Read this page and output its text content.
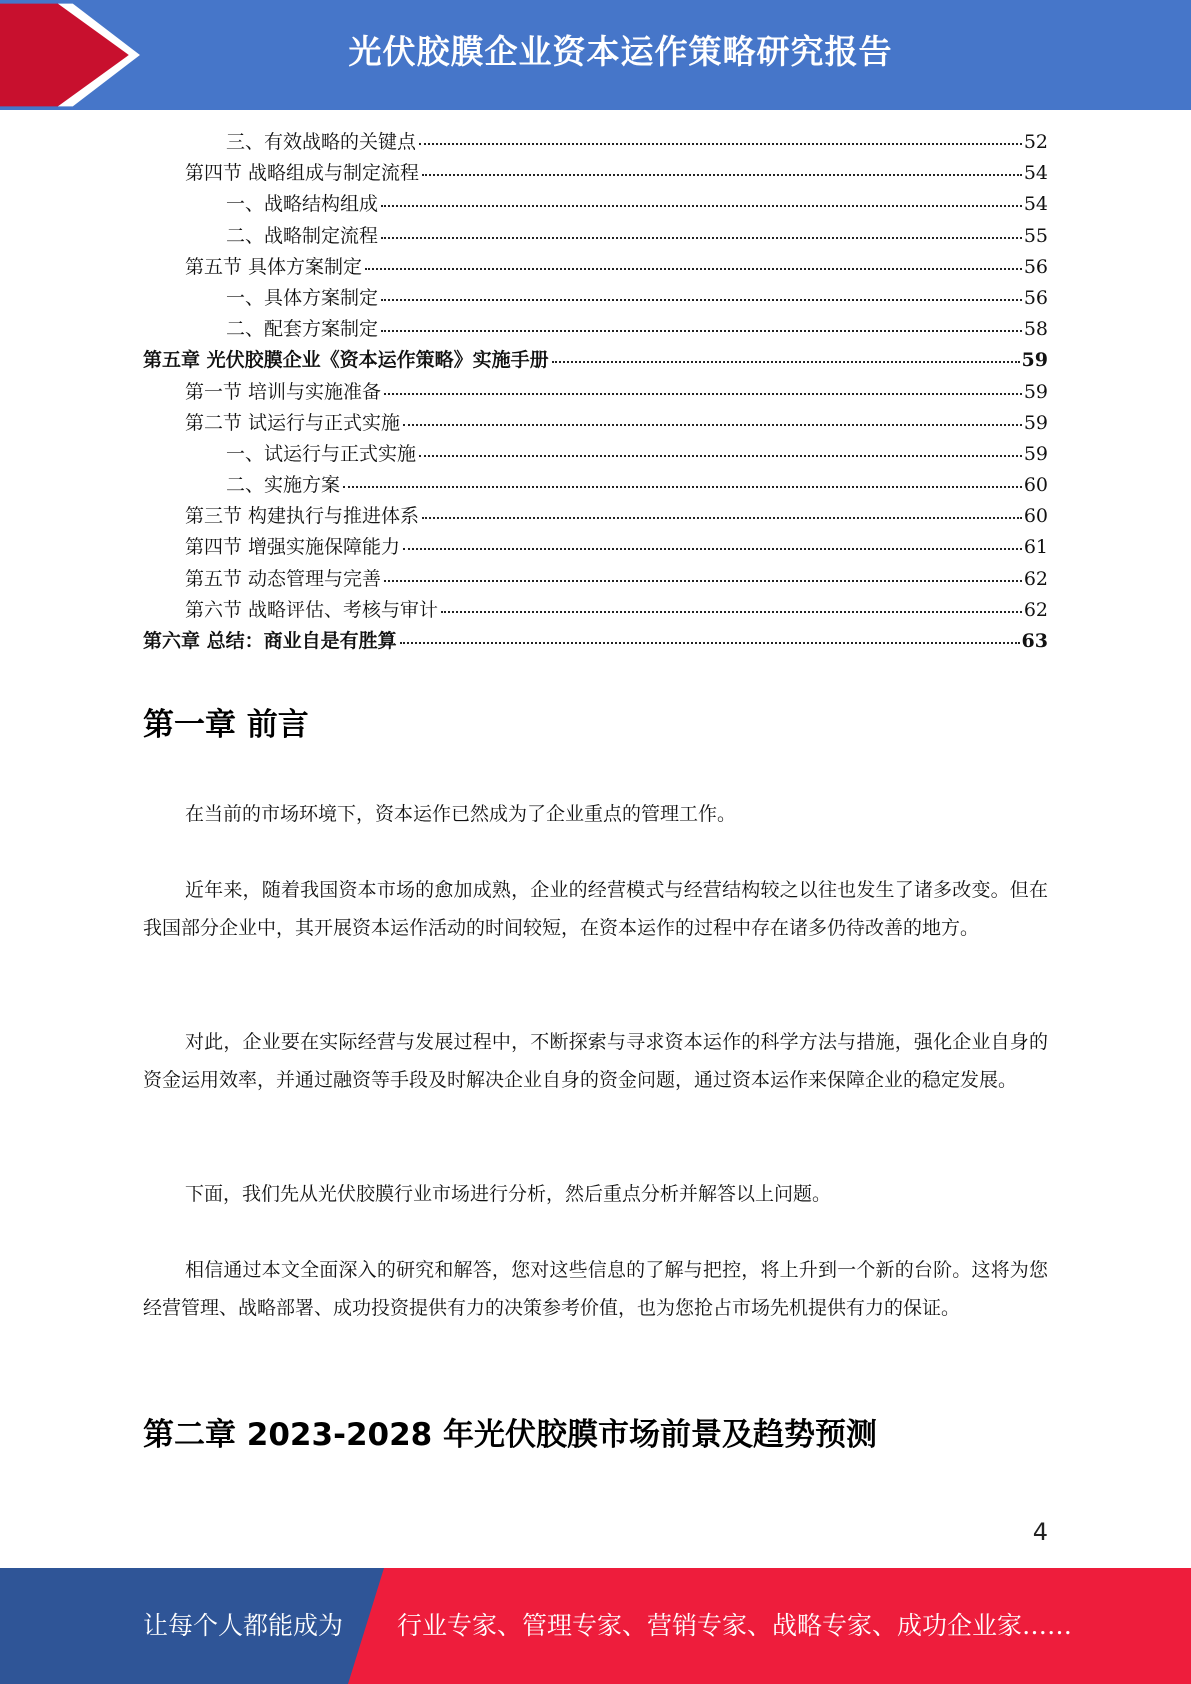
光伏胶膜企业资本运作策略研究报告
三、有效战略的关键点	52
第四节 战略组成与制定流程	54
一、战略结构组成	54
二、战略制定流程	55
第五节 具体方案制定	56
一、具体方案制定	56
二、配套方案制定	58
第五章 光伏胶膜企业《资本运作策略》实施手册	59
第一节 培训与实施准备	59
第二节 试运行与正式实施	59
一、试运行与正式实施	59
二、实施方案	60
第三节 构建执行与推进体系	60
第四节 增强实施保障能力	61
第五节 动态管理与完善	62
第六节 战略评估、考核与审计	62
第六章 总结：商业自是有胜算	63
第一章 前言

在当前的市场环境下，资本运作已然成为了企业重点的管理工作。

近年来，随着我国资本市场的愈加成熟，企业的经营模式与经营结构较之以往也发生了诸多改变。但在我国部分企业中，其开展资本运作活动的时间较短，在资本运作的过程中存在诸多仍待改善的地方。

对此，企业要在实际经营与发展过程中，不断探索与寻求资本运作的科学方法与措施，强化企业自身的资金运用效率，并通过融资等手段及时解决企业自身的资金问题，通过资本运作来保障企业的稳定发展。

下面，我们先从光伏胶膜行业市场进行分析，然后重点分析并解答以上问题。

相信通过本文全面深入的研究和解答，您对这些信息的了解与把控，将上升到一个新的台阶。这将为您经营管理、战略部署、成功投资提供有力的决策参考价值，也为您抢占市场先机提供有力的保证。

第二章 2023-2028 年光伏胶膜市场前景及趋势预测
4
让每个人都能成为 行业专家、管理专家、营销专家、战略专家、成功企业家……
